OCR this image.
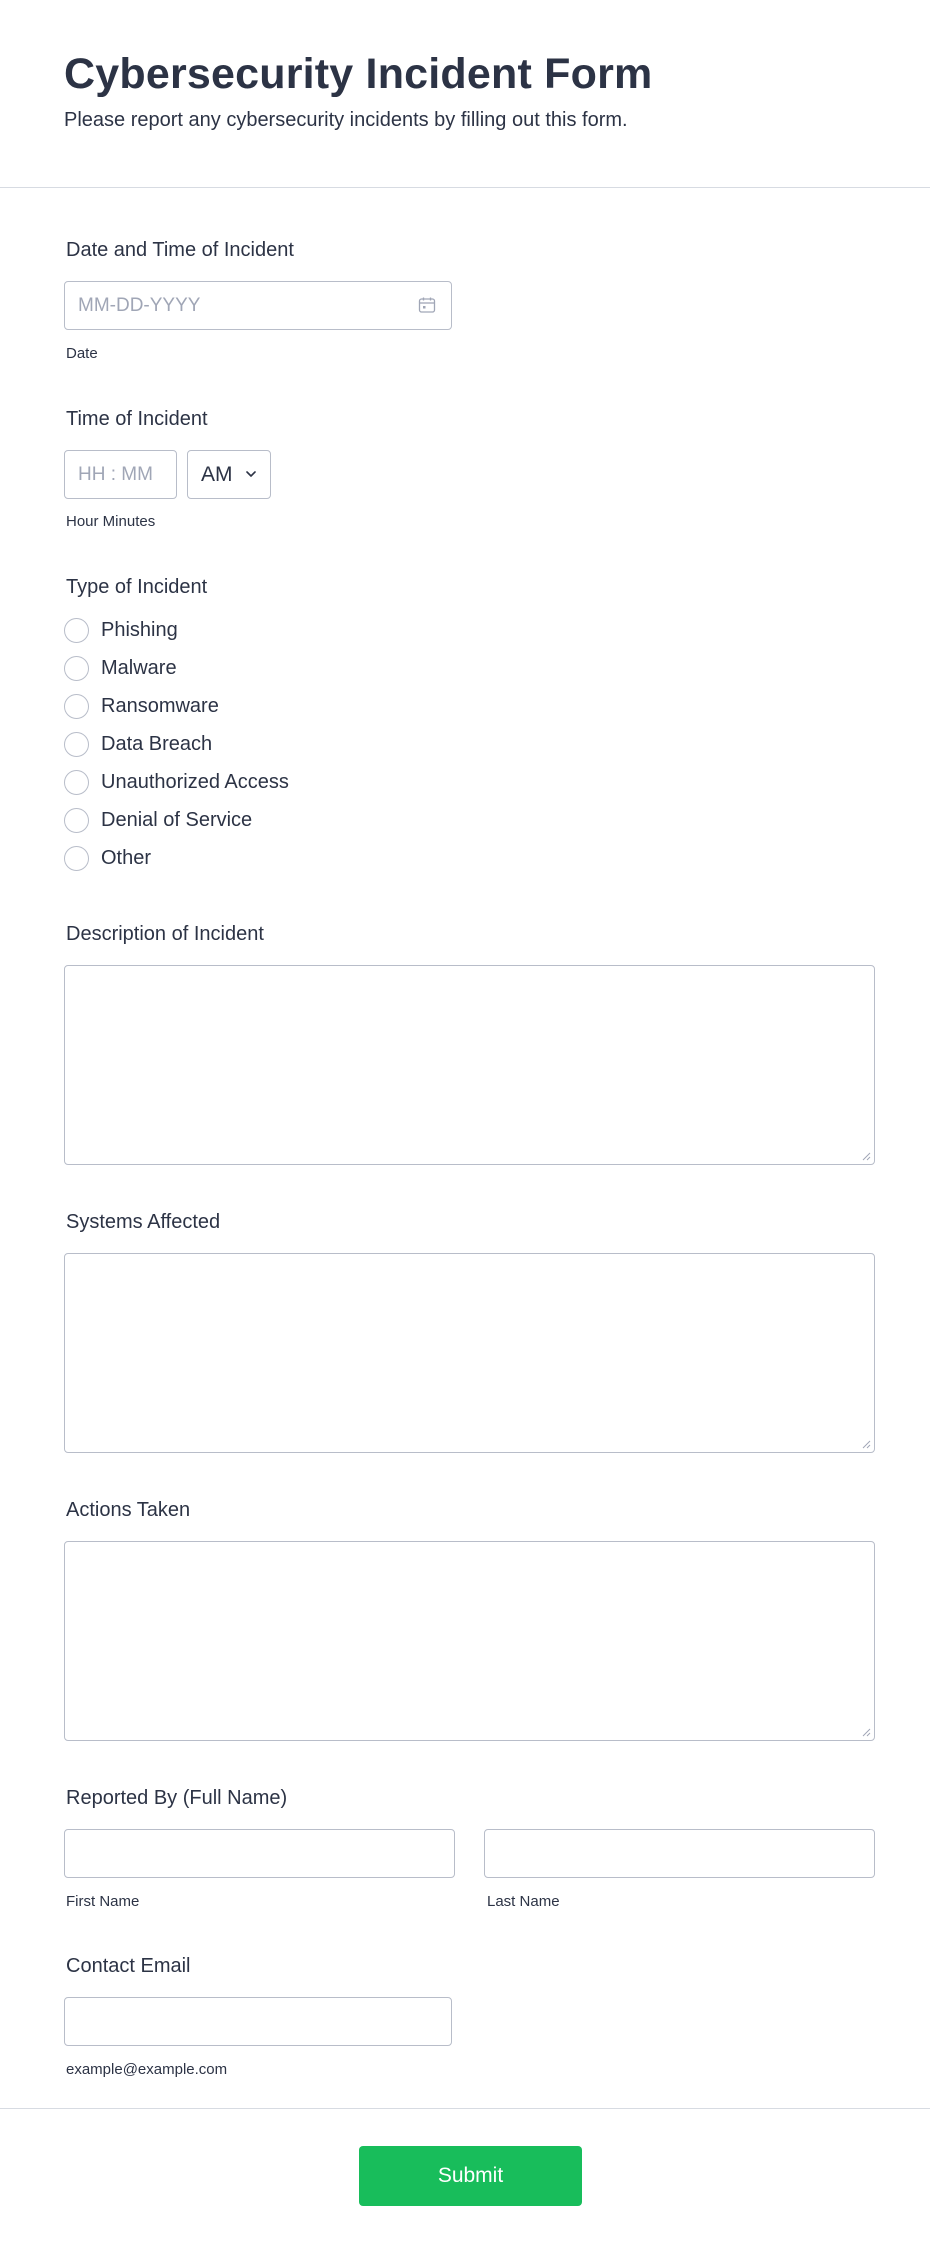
Cybersecurity Incident Form
Please report any cybersecurity incidents by filling out this form.
Date and Time of Incident
MM-DD-YYYY
Date
Time of Incident
HH : MM
AM
Hour Minutes
Type of Incident
Phishing
Malware
Ransomware
Data Breach
Unauthorized Access
Denial of Service
Other
Description of Incident
Systems Affected
Actions Taken
Reported By (Full Name)
First Name	Last Name
Contact Email
example@example.com
Submit
